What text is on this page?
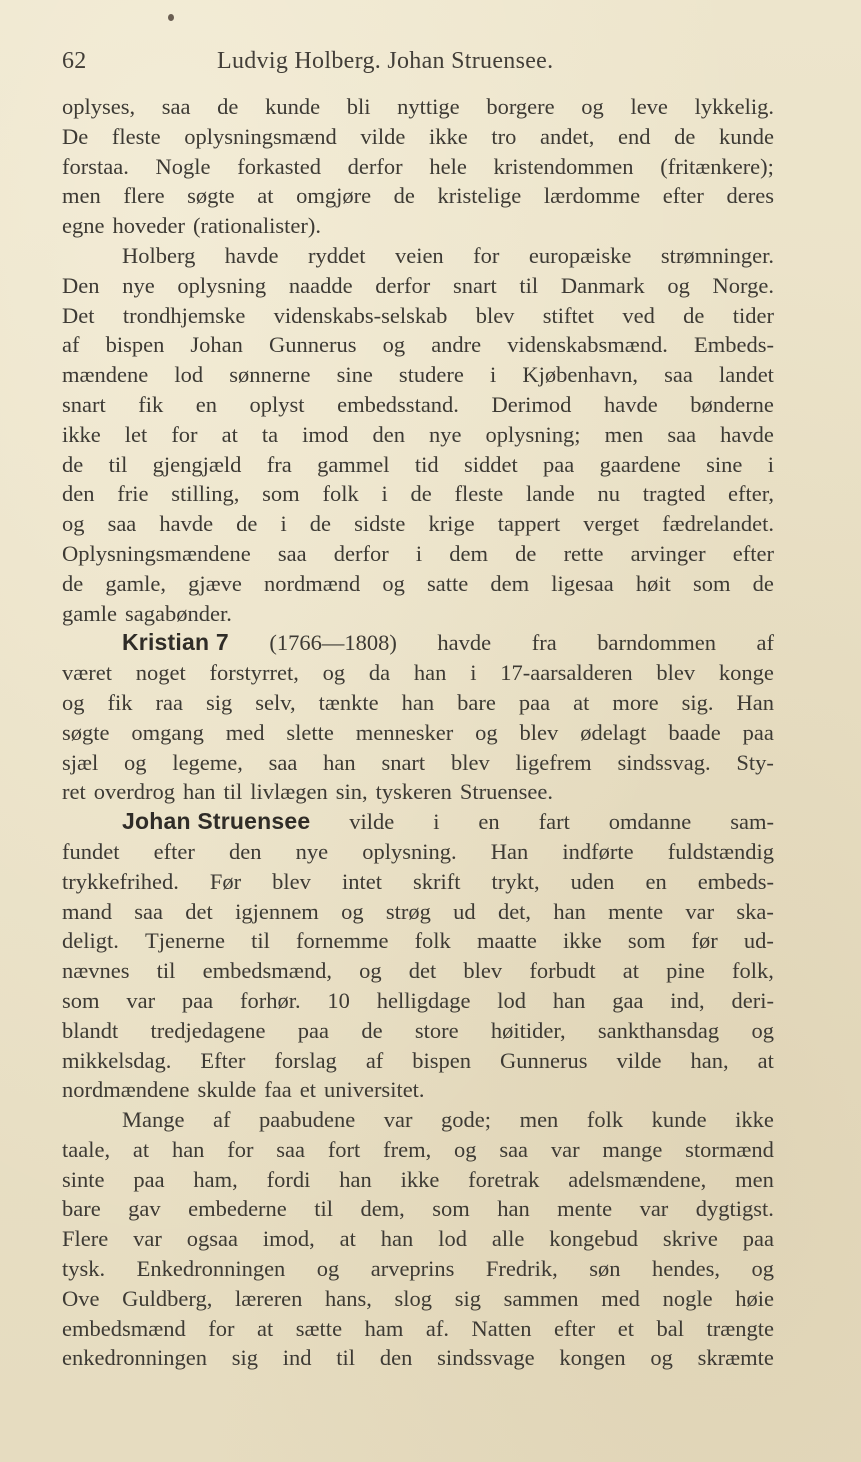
62	Ludvig Holberg. Johan Struensee.
oplyses, saa de kunde bli nyttige borgere og leve lykkelig.
De fleste oplysningsmænd vilde ikke tro andet, end de kunde
forstaa. Nogle forkasted derfor hele kristendommen (fritænkere);
men flere søgte at omgjøre de kristelige lærdomme efter deres
egne hoveder (rationalister).
Holberg havde ryddet veien for europæiske strømninger.
Den nye oplysning naadde derfor snart til Danmark og Norge.
Det trondhjemske videnskabs-selskab blev stiftet ved de tider
af bispen Johan Gunnerus og andre videnskabsmænd. Embeds-
mændene lod sønnerne sine studere i Kjøbenhavn, saa landet
snart fik en oplyst embedsstand. Derimod havde bønderne
ikke let for at ta imod den nye oplysning; men saa havde
de til gjengjæld fra gammel tid siddet paa gaardene sine i
den frie stilling, som folk i de fleste lande nu tragted efter,
og saa havde de i de sidste krige tappert verget fædrelandet.
Oplysningsmændene saa derfor i dem de rette arvinger efter
de gamle, gjæve nordmænd og satte dem ligesaa høit som de
gamle sagabønder.
Kristian 7 (1766—1808) havde fra barndommen af
været noget forstyrret, og da han i 17-aarsalderen blev konge
og fik raa sig selv, tænkte han bare paa at more sig. Han
søgte omgang med slette mennesker og blev ødelagt baade paa
sjæl og legeme, saa han snart blev ligefrem sindssvag. Sty-
ret overdrog han til livlægen sin, tyskeren Struensee.
Johan Struensee vilde i en fart omdanne sam-
fundet efter den nye oplysning. Han indførte fuldstændig
trykkefrihed. Før blev intet skrift trykt, uden en embeds-
mand saa det igjennem og strøg ud det, han mente var ska-
deligt. Tjenerne til fornemme folk maatte ikke som før ud-
nævnes til embedsmænd, og det blev forbudt at pine folk,
som var paa forhør. 10 helligdage lod han gaa ind, deri-
blandt tredjedagene paa de store høitider, sankthansdag og
mikkelsdag. Efter forslag af bispen Gunnerus vilde han, at
nordmændene skulde faa et universitet.
Mange af paabudene var gode; men folk kunde ikke
taale, at han for saa fort frem, og saa var mange stormænd
sinte paa ham, fordi han ikke foretrak adelsmændene, men
bare gav embederne til dem, som han mente var dygtigst.
Flere var ogsaa imod, at han lod alle kongebud skrive paa
tysk. Enkedronningen og arveprins Fredrik, søn hendes, og
Ove Guldberg, læreren hans, slog sig sammen med nogle høie
embedsmænd for at sætte ham af. Natten efter et bal trængte
enkedronningen sig ind til den sindssvage kongen og skræmte
